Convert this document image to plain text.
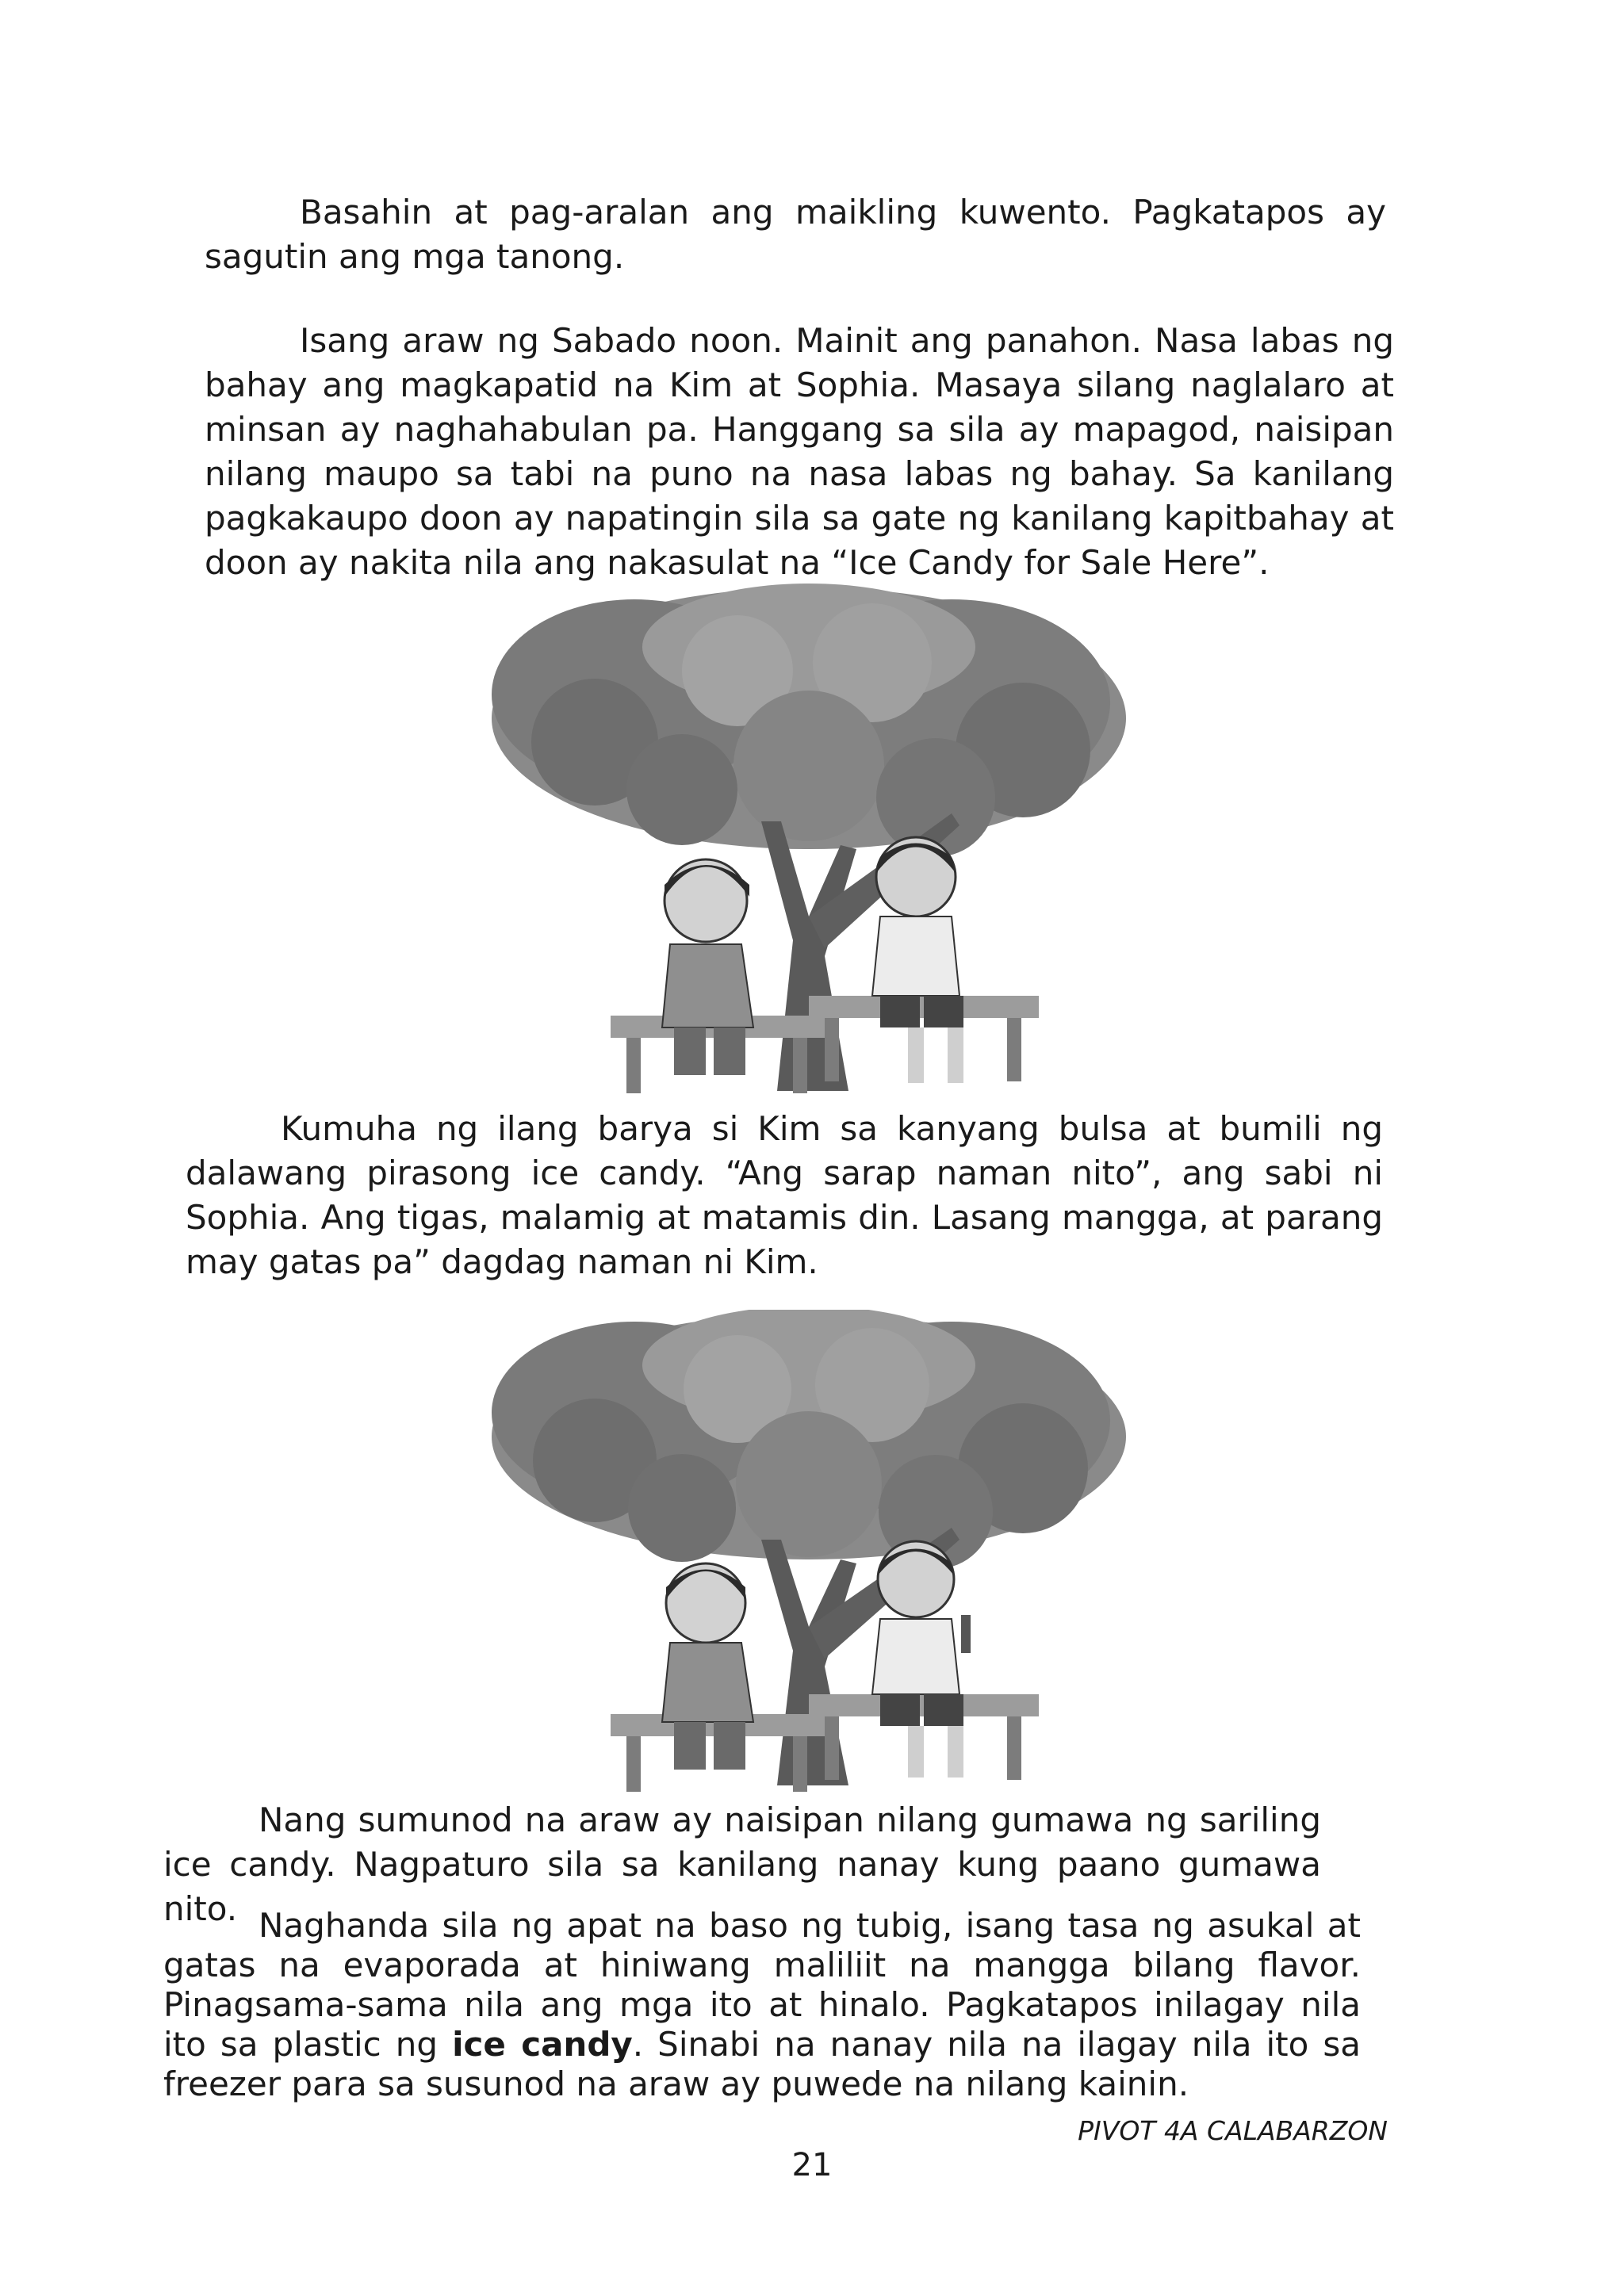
Basahin at pag-aralan ang maikling kuwento. Pagkatapos ay sagutin ang mga tanong.

Isang araw ng Sabado noon. Mainit ang panahon. Nasa labas ng bahay ang magkapatid na Kim at Sophia. Masaya silang naglalaro at minsan ay naghahabulan pa. Hanggang sa sila ay mapagod, naisipan nilang maupo sa tabi na puno na nasa labas ng bahay. Sa kanilang pagkakaupo doon ay napatingin sila sa gate ng kanilang kapitbahay at doon ay nakita nila ang nakasulat na “Ice Candy for Sale Here”.

Kumuha ng ilang barya si Kim sa kanyang bulsa at bumili ng dalawang pirasong ice candy. “Ang sarap naman nito”, ang sabi ni Sophia. Ang tigas, malamig at matamis din. Lasang mangga, at parang may gatas pa” dagdag naman ni Kim.

Nang sumunod na araw ay naisipan nilang gumawa ng sariling ice candy. Nagpaturo sila sa kanilang nanay kung paano gumawa nito. Naghanda sila ng apat na baso ng tubig, isang tasa ng asukal at gatas na evaporada at hiniwang maliliit na mangga bilang flavor. Pinagsama-sama nila ang mga ito at hinalo. Pagkatapos inilagay nila ito sa plastic ng ice candy. Sinabi na nanay nila na ilagay nila ito sa freezer para sa susunod na araw ay puwede na nilang kainin.

PIVOT 4A CALABARZON
21
